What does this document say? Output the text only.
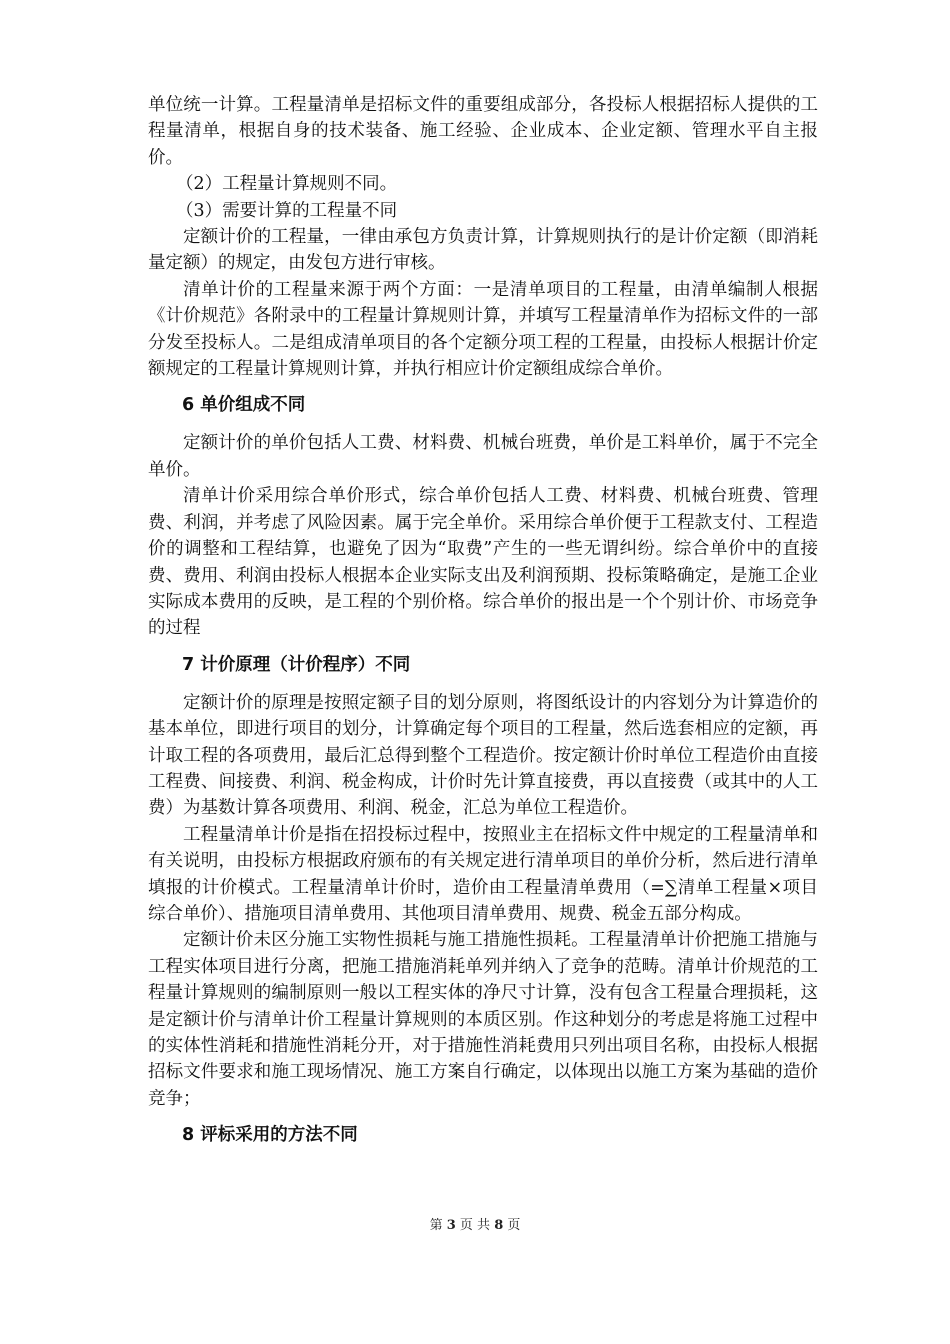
单位统一计算。工程量清单是招标文件的重要组成部分，各投标人根据招标人提供的工程量清单，根据自身的技术装备、施工经验、企业成本、企业定额、管理水平自主报价。

（2）工程量计算规则不同。

（3）需要计算的工程量不同

定额计价的工程量，一律由承包方负责计算，计算规则执行的是计价定额（即消耗量定额）的规定，由发包方进行审核。

清单计价的工程量来源于两个方面：一是清单项目的工程量，由清单编制人根据《计价规范》各附录中的工程量计算规则计算，并填写工程量清单作为招标文件的一部分发至投标人。二是组成清单项目的各个定额分项工程的工程量，由投标人根据计价定额规定的工程量计算规则计算，并执行相应计价定额组成综合单价。

6 单价组成不同

定额计价的单价包括人工费、材料费、机械台班费，单价是工料单价，属于不完全单价。

清单计价采用综合单价形式，综合单价包括人工费、材料费、机械台班费、管理费、利润，并考虑了风险因素。属于完全单价。采用综合单价便于工程款支付、工程造价的调整和工程结算，也避免了因为“取费”产生的一些无谓纠纷。综合单价中的直接费、费用、利润由投标人根据本企业实际支出及利润预期、投标策略确定，是施工企业实际成本费用的反映，是工程的个别价格。综合单价的报出是一个个别计价、市场竞争的过程

7 计价原理（计价程序）不同

定额计价的原理是按照定额子目的划分原则，将图纸设计的内容划分为计算造价的基本单位，即进行项目的划分，计算确定每个项目的工程量，然后选套相应的定额，再计取工程的各项费用，最后汇总得到整个工程造价。按定额计价时单位工程造价由直接工程费、间接费、利润、税金构成，计价时先计算直接费，再以直接费（或其中的人工费）为基数计算各项费用、利润、税金，汇总为单位工程造价。

工程量清单计价是指在招投标过程中，按照业主在招标文件中规定的工程量清单和有关说明，由投标方根据政府颁布的有关规定进行清单项目的单价分析，然后进行清单填报的计价模式。工程量清单计价时，造价由工程量清单费用（=∑清单工程量×项目综合单价）、措施项目清单费用、其他项目清单费用、规费、税金五部分构成。

定额计价未区分施工实物性损耗与施工措施性损耗。工程量清单计价把施工措施与工程实体项目进行分离，把施工措施消耗单列并纳入了竞争的范畴。清单计价规范的工程量计算规则的编制原则一般以工程实体的净尺寸计算，没有包含工程量合理损耗，这是定额计价与清单计价工程量计算规则的本质区别。作这种划分的考虑是将施工过程中的实体性消耗和措施性消耗分开，对于措施性消耗费用只列出项目名称，由投标人根据招标文件要求和施工现场情况、施工方案自行确定，以体现出以施工方案为基础的造价竞争；

8 评标采用的方法不同
第 3 页 共 8 页
